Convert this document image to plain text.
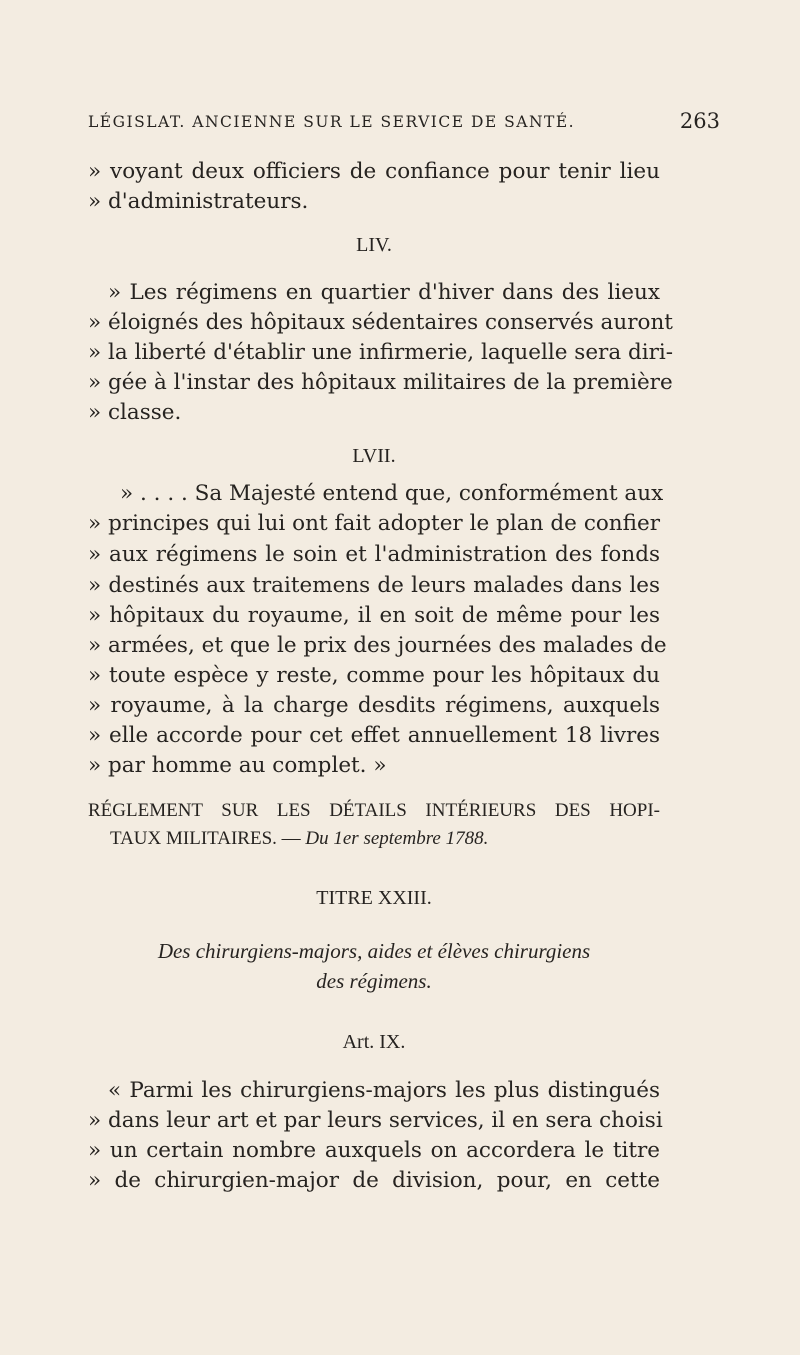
LÉGISLAT. ANCIENNE SUR LE SERVICE DE SANTÉ.	263
» voyant deux officiers de confiance pour tenir lieu
» d'administrateurs.
LIV.
» Les régimens en quartier d'hiver dans des lieux
» éloignés des hôpitaux sédentaires conservés auront
» la liberté d'établir une infirmerie, laquelle sera diri-
» gée à l'instar des hôpitaux militaires de la première
» classe.
LVII.
» . . . . Sa Majesté entend que, conformément aux
» principes qui lui ont fait adopter le plan de confier
» aux régimens le soin et l'administration des fonds
» destinés aux traitemens de leurs malades dans les
» hôpitaux du royaume, il en soit de même pour les
» armées, et que le prix des journées des malades de
» toute espèce y reste, comme pour les hôpitaux du
» royaume, à la charge desdits régimens, auxquels
» elle accorde pour cet effet annuellement 18 livres
» par homme au complet. »
RÉGLEMENT SUR LES DÉTAILS INTÉRIEURS DES HOPI-
TAUX MILITAIRES. — Du 1er septembre 1788.
TITRE XXIII.
Des chirurgiens-majors, aides et élèves chirurgiens
des régimens.
Art. IX.
« Parmi les chirurgiens-majors les plus distingués
» dans leur art et par leurs services, il en sera choisi
» un certain nombre auxquels on accordera le titre
» de chirurgien-major de division, pour, en cette
